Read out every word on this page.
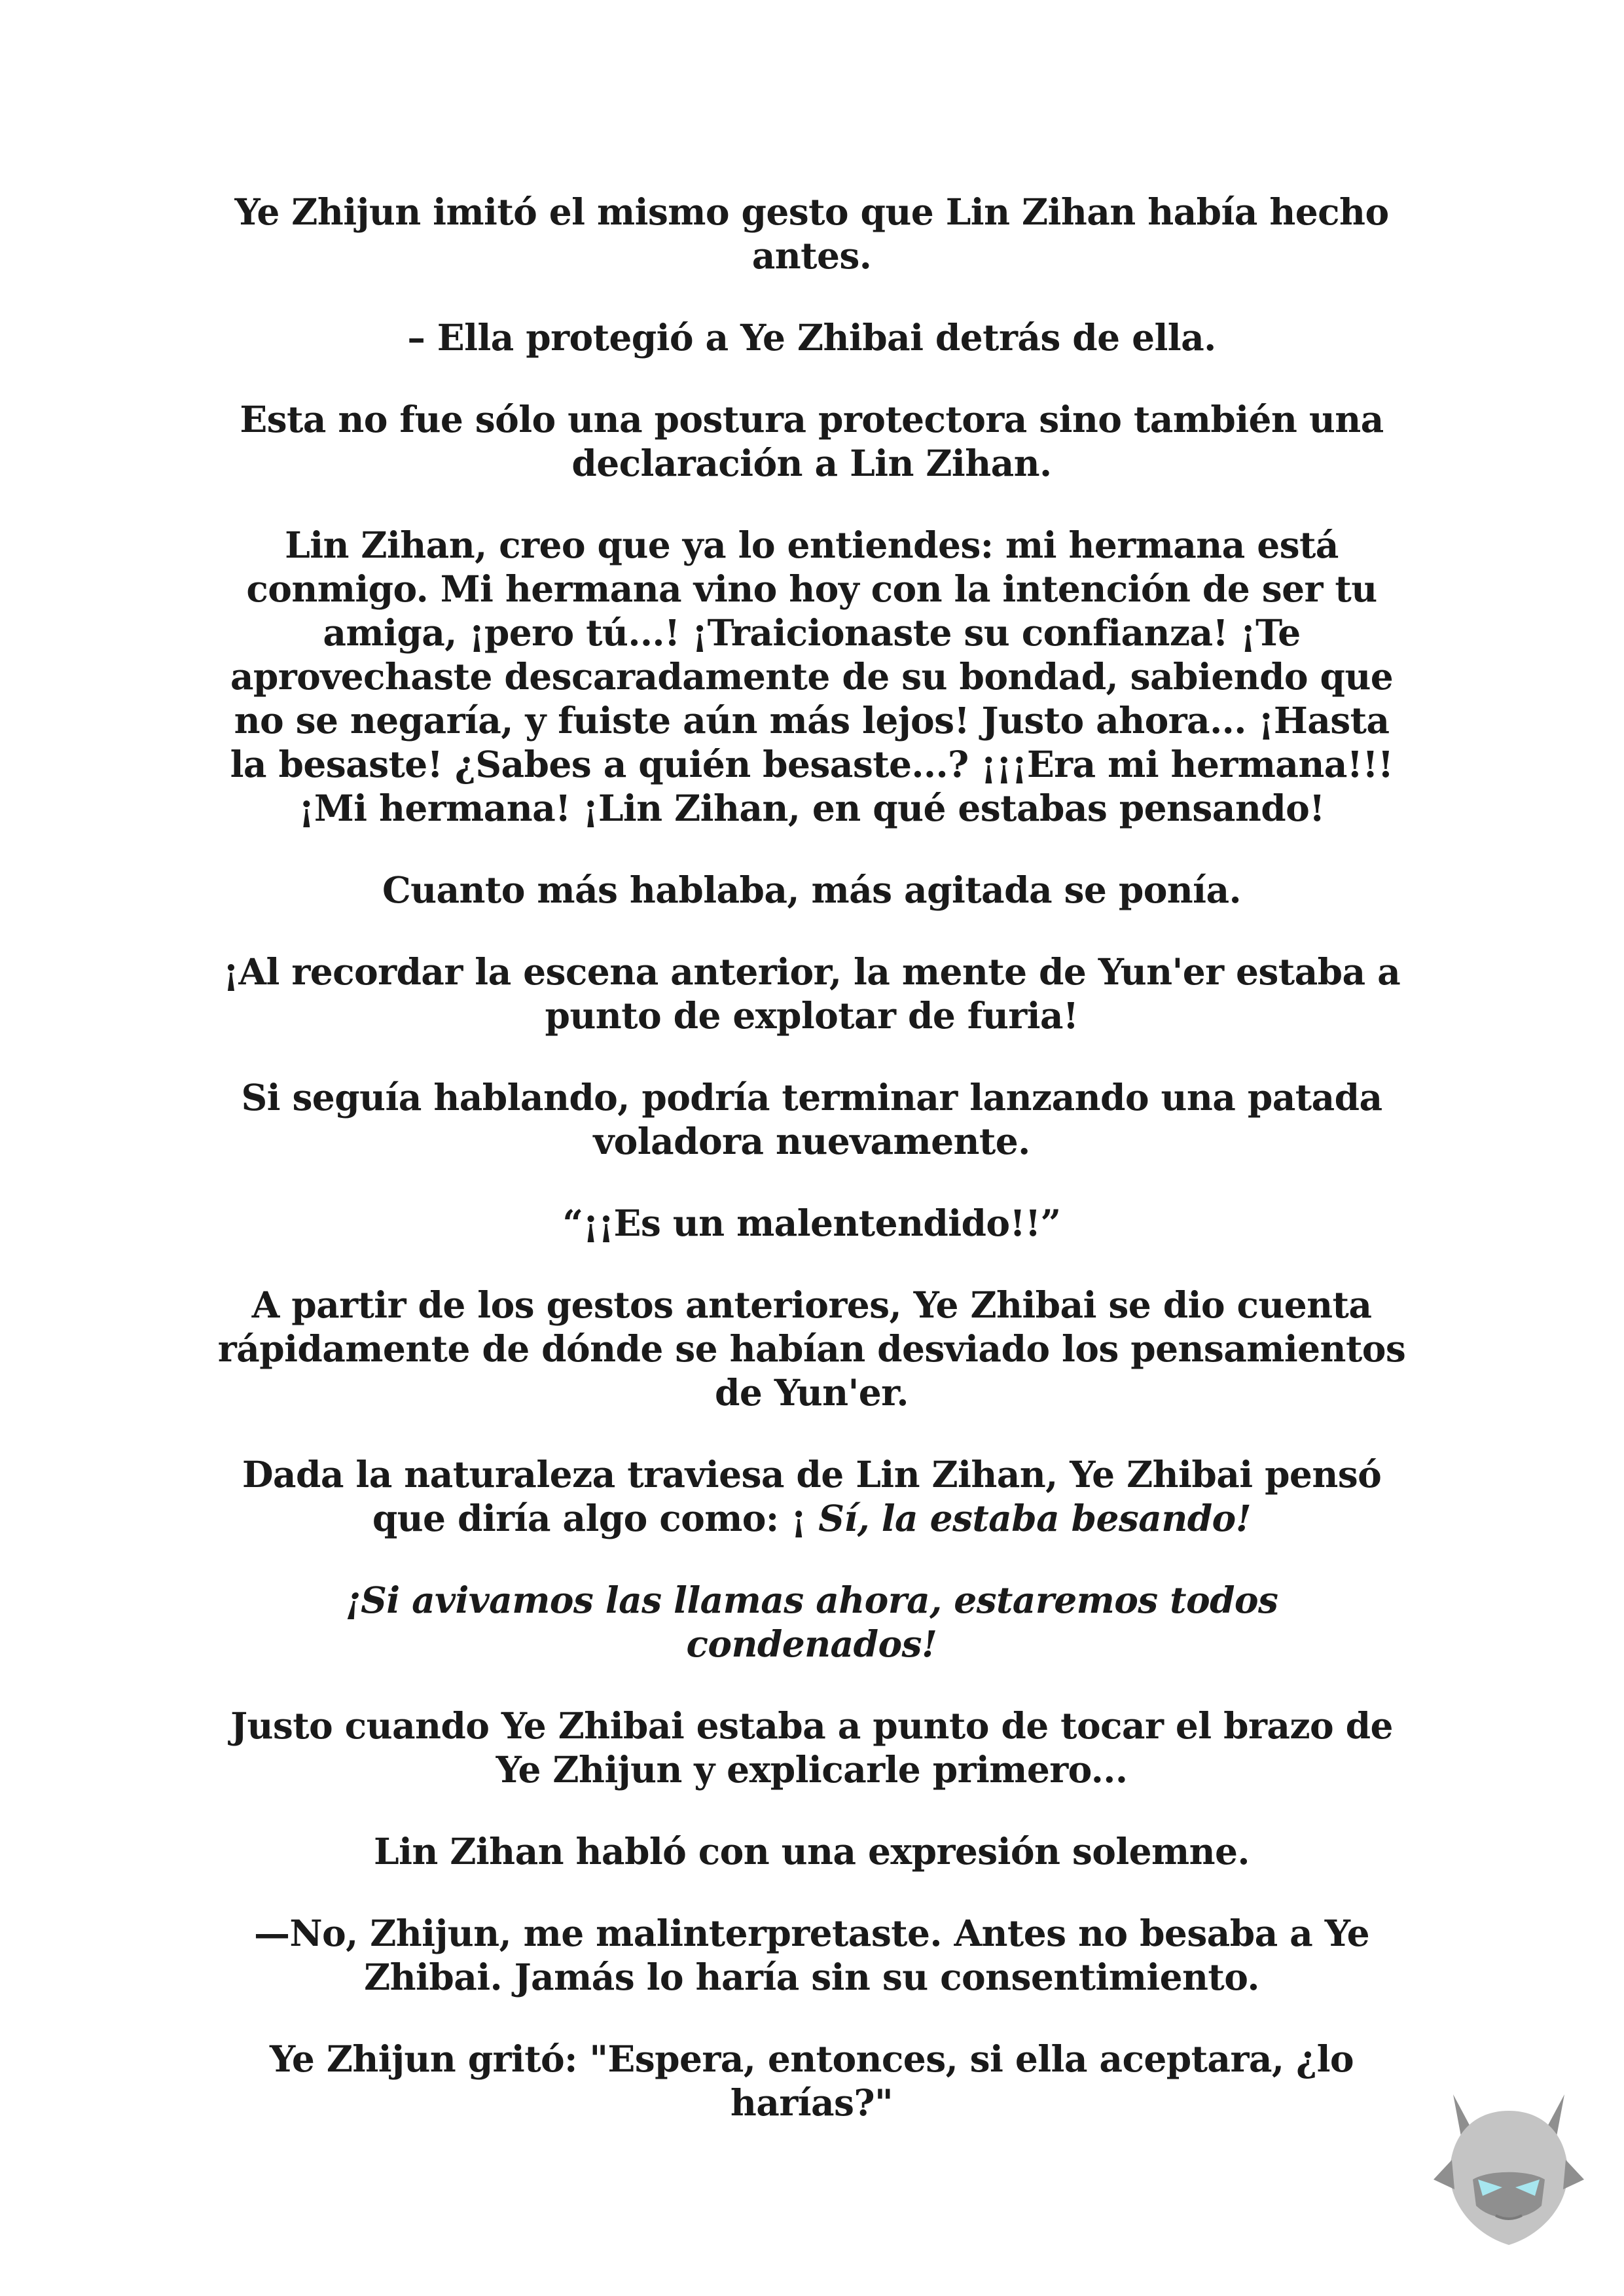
Ye Zhijun imitó el mismo gesto que Lin Zihan había hecho antes.

– Ella protegió a Ye Zhibai detrás de ella.

Esta no fue sólo una postura protectora sino también una declaración a Lin Zihan.

Lin Zihan, creo que ya lo entiendes: mi hermana está conmigo. Mi hermana vino hoy con la intención de ser tu amiga, ¡pero tú...! ¡Traicionaste su confianza! ¡Te aprovechaste descaradamente de su bondad, sabiendo que no se negaría, y fuiste aún más lejos! Justo ahora... ¡Hasta la besaste! ¿Sabes a quién besaste...? ¡¡¡Era mi hermana!!! ¡Mi hermana! ¡Lin Zihan, en qué estabas pensando!

Cuanto más hablaba, más agitada se ponía.

¡Al recordar la escena anterior, la mente de Yun'er estaba a punto de explotar de furia!

Si seguía hablando, podría terminar lanzando una patada voladora nuevamente.

“¡¡Es un malentendido!!”

A partir de los gestos anteriores, Ye Zhibai se dio cuenta rápidamente de dónde se habían desviado los pensamientos de Yun'er.

Dada la naturaleza traviesa de Lin Zihan, Ye Zhibai pensó que diría algo como: ¡ Sí, la estaba besando!

¡Si avivamos las llamas ahora, estaremos todos condenados!

Justo cuando Ye Zhibai estaba a punto de tocar el brazo de Ye Zhijun y explicarle primero...

Lin Zihan habló con una expresión solemne.

—No, Zhijun, me malinterpretaste. Antes no besaba a Ye Zhibai. Jamás lo haría sin su consentimiento.

Ye Zhijun gritó: "Espera, entonces, si ella aceptara, ¿lo harías?"
